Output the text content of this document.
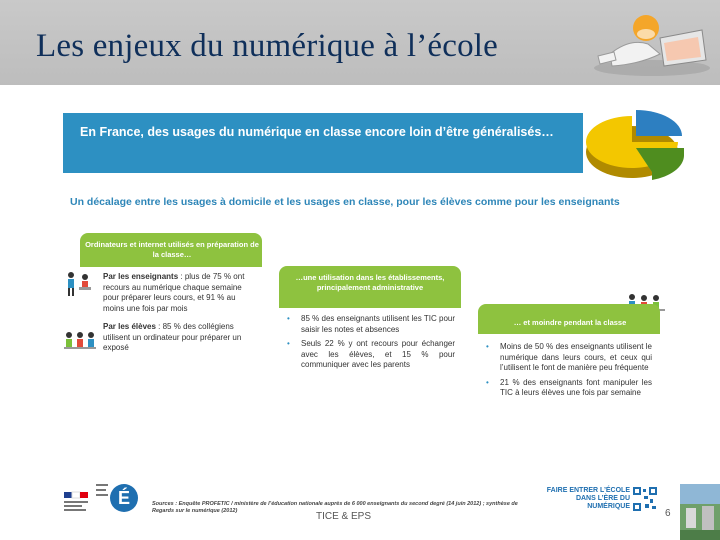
Les enjeux du numérique à l’école
En France, des usages du numérique en classe encore loin d’être généralisés…
Un décalage entre les usages à domicile et les usages en classe, pour les élèves comme pour les enseignants
Ordinateurs et internet utilisés en préparation de la classe…
Par les enseignants : plus de 75 % ont recours au numérique chaque semaine pour préparer leurs cours, et 91 % au moins une fois par mois
Par les élèves : 85 % des collégiens utilisent un ordinateur pour préparer un exposé
…une utilisation dans les établissements, principalement administrative
• 85 % des enseignants utilisent les TIC pour saisir les notes et absences
• Seuls 22 % y ont recours pour échanger avec les élèves, et 15 % pour communiquer avec les parents
… et moindre pendant la classe
• Moins de 50 % des enseignants utilisent le numérique dans leurs cours, et ceux qui l’utilisent le font de manière peu fréquente
• 21 % des enseignants font manipuler les TIC à leurs élèves une fois par semaine
É	Sources : Enquête PROFETIC / ministère de l’éducation nationale auprès de 6 000 enseignants du second degré (14 juin 2012) ; synthèse de Regards sur le numérique (2012)
FAIRE ENTRER L’ÉCOLE DANS L’ÈRE DU NUMÉRIQUE
TICE & EPS	6
